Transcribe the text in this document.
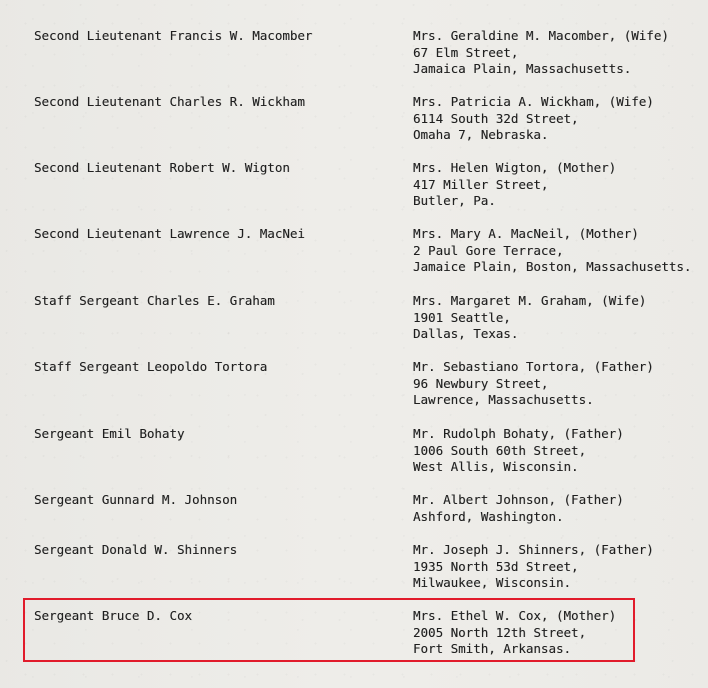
Second Lieutenant Francis W. Macomber	Mrs. Geraldine M. Macomber, (Wife)
67 Elm Street,
Jamaica Plain, Massachusetts.
Second Lieutenant Charles R. Wickham	Mrs. Patricia A. Wickham, (Wife)
6114 South 32d Street,
Omaha 7, Nebraska.
Second Lieutenant Robert W. Wigton	Mrs. Helen Wigton, (Mother)
417 Miller Street,
Butler, Pa.
Second Lieutenant Lawrence J. MacNei	Mrs. Mary A. MacNeil, (Mother)
2 Paul Gore Terrace,
Jamaice Plain, Boston, Massachusetts.
Staff Sergeant Charles E. Graham	Mrs. Margaret M. Graham, (Wife)
1901 Seattle,
Dallas, Texas.
Staff Sergeant Leopoldo Tortora	Mr. Sebastiano Tortora, (Father)
96 Newbury Street,
Lawrence, Massachusetts.
Sergeant Emil Bohaty	Mr. Rudolph Bohaty, (Father)
1006 South 60th Street,
West Allis, Wisconsin.
Sergeant Gunnard M. Johnson	Mr. Albert Johnson, (Father)
Ashford, Washington.
Sergeant Donald W. Shinners	Mr. Joseph J. Shinners, (Father)
1935 North 53d Street,
Milwaukee, Wisconsin.
Sergeant Bruce D. Cox	Mrs. Ethel W. Cox, (Mother)
2005 North 12th Street,
Fort Smith, Arkansas.
